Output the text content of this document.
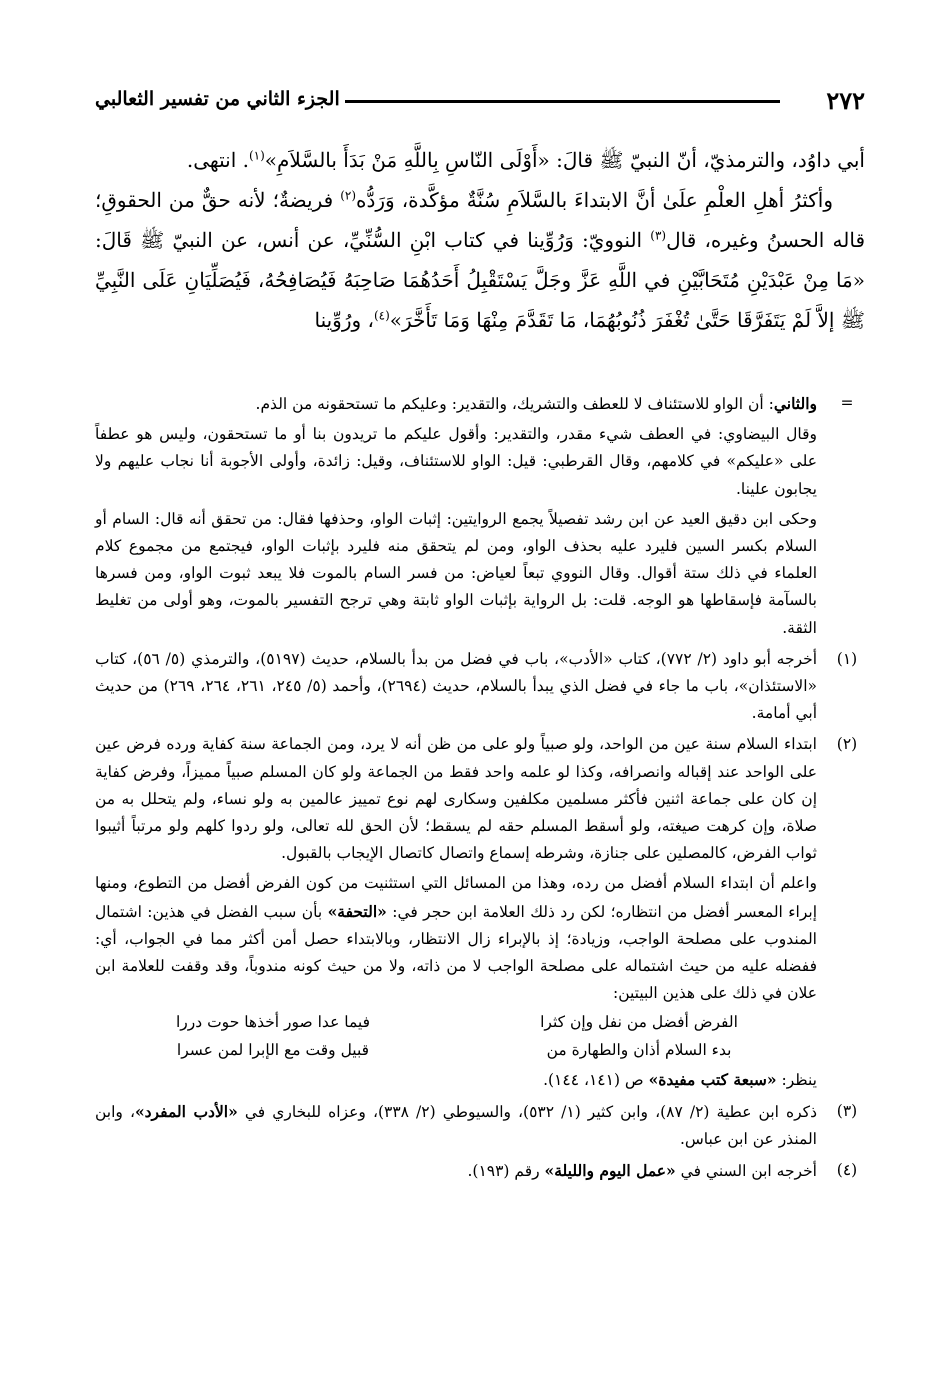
٢٧٢
الجزء الثاني من تفسير الثعالبي

أبي داوُد، والترمذيّ، أنّ النبيّ ﷺ قالَ: «أَوْلَى النّاسِ بِاللَّهِ مَنْ بَدَأَ بالسَّلاَمِ»$^{(١)}$. انتهى.

وأكثرُ أهلِ العلْمِ علَىٰ أنَّ الابتداءَ بالسَّلاَمِ سُنَّةٌ مؤكَّدة، وَرَدُّه$^{(٢)}$ فريضةٌ؛ لأنه حقٌّ من الحقوقِ؛ قاله الحسنُ وغيره، قال$^{(٣)}$ النوويّ: وَرُوِّينا في كتاب ابْنِ السُّنِّيِّ، عن أنس، عن النبيّ ﷺ قَالَ: «مَا مِنْ عَبْدَيْنِ مُتَحَابَّيْنِ في اللَّهِ عَزَّ وجَلَّ يَسْتَقْبِلُ أَحَدُهُمَا صَاحِبَهُ فَيُصَافِحُهُ، فَيُصَلِّيَانِ عَلَى النَّبِيِّ ﷺ إلاَّ لَمْ يَتَفَرَّقَا حَتَّىٰ تُغْفَرَ ذُنُوبُهُمَا، مَا تَقَدَّمَ مِنْهَا وَمَا تَأَخَّرَ»$^{(٤)}$، ورُوِّينا

=

والثاني: أن الواو للاستئناف لا للعطف والتشريك، والتقدير: وعليكم ما تستحقونه من الذم.

وقال البيضاوي: في العطف شيء مقدر، والتقدير: وأقول عليكم ما تريدون بنا أو ما تستحقون، وليس هو عطفاً على «عليكم» في كلامهم، وقال القرطبي: قيل: الواو للاستئناف، وقيل: زائدة، وأولى الأجوبة أنا نجاب عليهم ولا يجابون علينا.

وحكى ابن دقيق العيد عن ابن رشد تفصيلاً يجمع الروايتين: إثبات الواو، وحذفها فقال: من تحقق أنه قال: السام أو السلام بكسر السين فليرد عليه بحذف الواو، ومن لم يتحقق منه فليرد بإثبات الواو، فيجتمع من مجموع كلام العلماء في ذلك ستة أقوال. وقال النووي تبعاً لعياض: من فسر السام بالموت فلا يبعد ثبوت الواو، ومن فسرها بالسآمة فإسقاطها هو الوجه. قلت: بل الرواية بإثبات الواو ثابتة وهي ترجح التفسير بالموت، وهو أولى من تغليط الثقة.

(١)

أخرجه أبو داود (٢/ ٧٧٢)، كتاب «الأدب»، باب في فضل من بدأ بالسلام، حديث (٥١٩٧)، والترمذي (٥/ ٥٦)، كتاب «الاستئذان»، باب ما جاء في فضل الذي يبدأ بالسلام، حديث (٢٦٩٤)، وأحمد (٥/ ٢٤٥، ٢٦١، ٢٦٤، ٢٦٩) من حديث أبي أمامة.

(٢)

ابتداء السلام سنة عين من الواحد، ولو صبياً ولو على من ظن أنه لا يرد، ومن الجماعة سنة كفاية ورده فرض عين على الواحد عند إقباله وانصرافه، وكذا لو علمه واحد فقط من الجماعة ولو كان المسلم صبياً مميزاً، وفرض كفاية إن كان على جماعة اثنين فأكثر مسلمين مكلفين وسكارى لهم نوع تمييز عالمين به ولو نساء، ولم يتحلل به من صلاة، وإن كرهت صيغته، ولو أسقط المسلم حقه لم يسقط؛ لأن الحق لله تعالى، ولو ردوا كلهم ولو مرتباً أثيبوا ثواب الفرض، كالمصلين على جنازة، وشرطه إسماع واتصال كاتصال الإيجاب بالقبول.

واعلم أن ابتداء السلام أفضل من رده، وهذا من المسائل التي استثنيت من كون الفرض أفضل من التطوع، ومنها إبراء المعسر أفضل من انتظاره؛ لكن رد ذلك العلامة ابن حجر في: «التحفة» بأن سبب الفضل في هذين: اشتمال المندوب على مصلحة الواجب، وزيادة؛ إذ بالإبراء زال الانتظار، وبالابتداء حصل أمن أكثر مما في الجواب، أي: ففضله عليه من حيث اشتماله على مصلحة الواجب لا من ذاته، ولا من حيث كونه مندوباً، وقد وقفت للعلامة ابن علان في ذلك على هذين البيتين:

الفرض أفضل من نفل وإن كثرا
فيما عدا صور أخذها حوت دررا
بدء السلام أذان والطهارة من
قبيل وقت مع الإبرا لمن عسرا

ينظر: «سبعة كتب مفيدة» ص (١٤١، ١٤٤).

(٣)

ذكره ابن عطية (٢/ ٨٧)، وابن كثير (١/ ٥٣٢)، والسيوطي (٢/ ٣٣٨)، وعزاه للبخاري في «الأدب المفرد»، وابن المنذر عن ابن عباس.

(٤)

أخرجه ابن السني في «عمل اليوم والليلة» رقم (١٩٣).
